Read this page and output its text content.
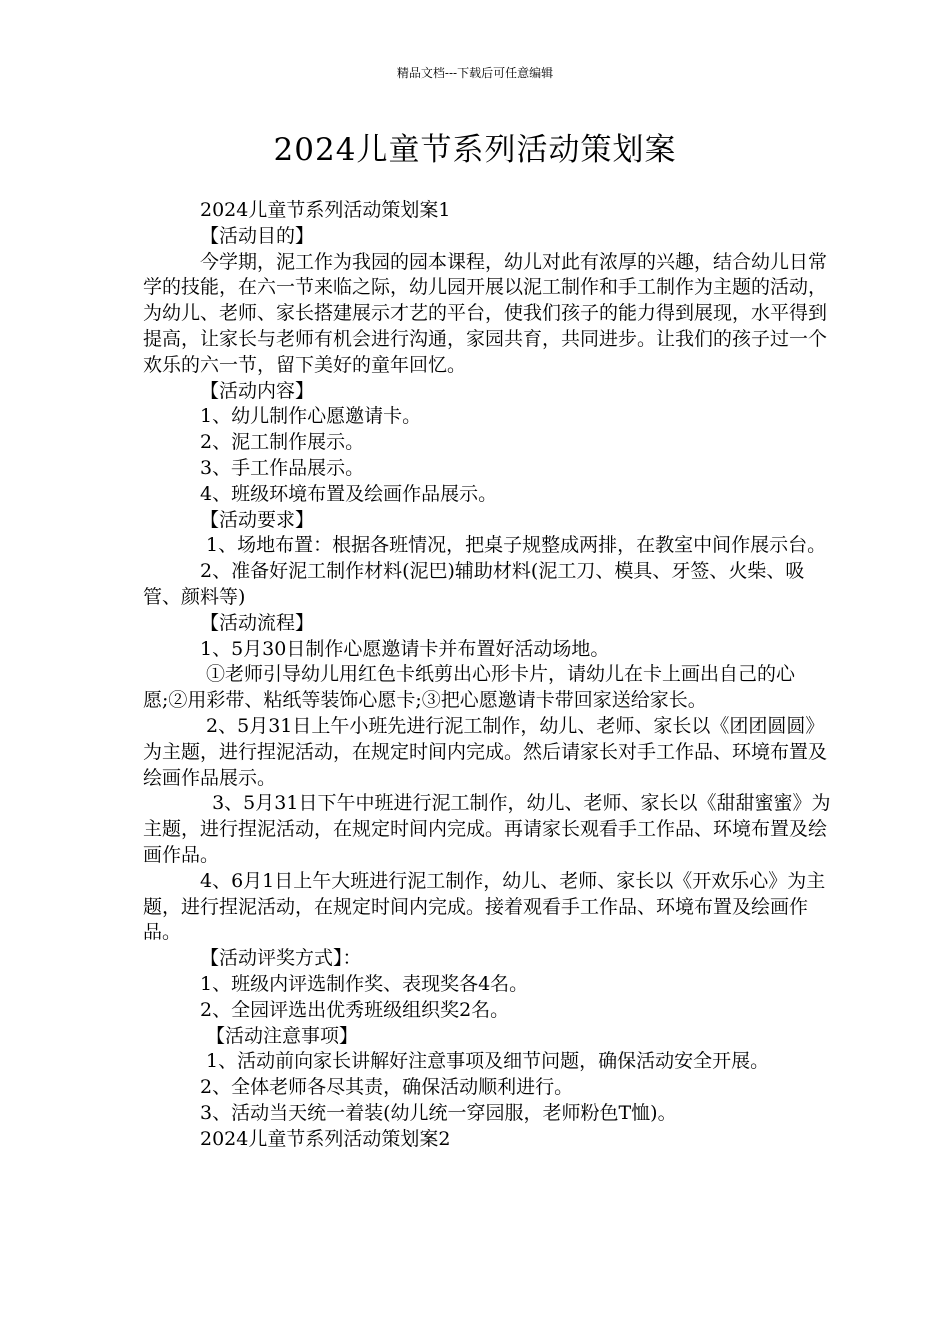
精品文档---下载后可任意编辑
2024儿童节系列活动策划案

2024儿童节系列活动策划案1

【活动目的】

今学期，泥工作为我园的园本课程，幼儿对此有浓厚的兴趣，结合幼儿日常学的技能，在六一节来临之际，幼儿园开展以泥工制作和手工制作为主题的活动，为幼儿、老师、家长搭建展示才艺的平台，使我们孩子的能力得到展现，水平得到提高，让家长与老师有机会进行沟通，家园共育，共同进步。让我们的孩子过一个欢乐的六一节，留下美好的童年回忆。

【活动内容】

1、幼儿制作心愿邀请卡。

2、泥工制作展示。

3、手工作品展示。

4、班级环境布置及绘画作品展示。

【活动要求】

1、场地布置：根据各班情况，把桌子规整成两排，在教室中间作展示台。

2、准备好泥工制作材料(泥巴)辅助材料(泥工刀、模具、牙签、火柴、吸管、颜料等)

【活动流程】

1、5月30日制作心愿邀请卡并布置好活动场地。

①老师引导幼儿用红色卡纸剪出心形卡片，请幼儿在卡上画出自己的心愿;②用彩带、粘纸等装饰心愿卡;③把心愿邀请卡带回家送给家长。

2、5月31日上午小班先进行泥工制作，幼儿、老师、家长以《团团圆圆》为主题，进行捏泥活动，在规定时间内完成。然后请家长对手工作品、环境布置及绘画作品展示。

3、5月31日下午中班进行泥工制作，幼儿、老师、家长以《甜甜蜜蜜》为主题，进行捏泥活动，在规定时间内完成。再请家长观看手工作品、环境布置及绘画作品。

4、6月1日上午大班进行泥工制作，幼儿、老师、家长以《开欢乐心》为主题，进行捏泥活动，在规定时间内完成。接着观看手工作品、环境布置及绘画作品。

【活动评奖方式】：

1、班级内评选制作奖、表现奖各4名。

2、全园评选出优秀班级组织奖2名。

【活动注意事项】

1、活动前向家长讲解好注意事项及细节问题，确保活动安全开展。

2、全体老师各尽其责，确保活动顺利进行。

3、活动当天统一着装(幼儿统一穿园服，老师粉色T恤)。

2024儿童节系列活动策划案2
